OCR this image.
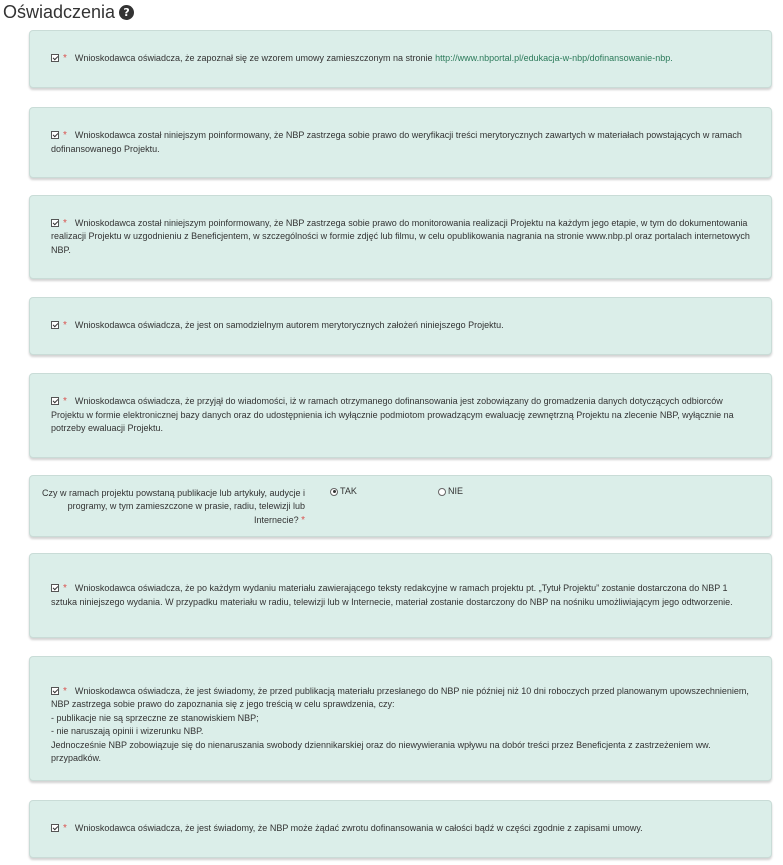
Oświadczenia ?
* Wnioskodawca oświadcza, że zapoznał się ze wzorem umowy zamieszczonym na stronie http://www.nbportal.pl/edukacja-w-nbp/dofinansowanie-nbp.
* Wnioskodawca został niniejszym poinformowany, że NBP zastrzega sobie prawo do weryfikacji treści merytorycznych zawartych w materiałach powstających w ramach dofinansowanego Projektu.
* Wnioskodawca został niniejszym poinformowany, że NBP zastrzega sobie prawo do monitorowania realizacji Projektu na każdym jego etapie, w tym do dokumentowania realizacji Projektu w uzgodnieniu z Beneficjentem, w szczególności w formie zdjęć lub filmu, w celu opublikowania nagrania na stronie www.nbp.pl oraz portalach internetowych NBP.
* Wnioskodawca oświadcza, że jest on samodzielnym autorem merytorycznych założeń niniejszego Projektu.
* Wnioskodawca oświadcza, że przyjął do wiadomości, iż w ramach otrzymanego dofinansowania jest zobowiązany do gromadzenia danych dotyczących odbiorców Projektu w formie elektronicznej bazy danych oraz do udostępnienia ich wyłącznie podmiotom prowadzącym ewaluację zewnętrzną Projektu na zlecenie NBP, wyłącznie na potrzeby ewaluacji Projektu.
Czy w ramach projektu powstaną publikacje lub artykuły, audycje i programy, w tym zamieszczone w prasie, radiu, telewizji lub Internecie? *
TAK	NIE
* Wnioskodawca oświadcza, że po każdym wydaniu materiału zawierającego teksty redakcyjne w ramach projektu pt. „Tytuł Projektu” zostanie dostarczona do NBP 1 sztuka niniejszego wydania. W przypadku materiału w radiu, telewizji lub w Internecie, materiał zostanie dostarczony do NBP na nośniku umożliwiającym jego odtworzenie.

* Wnioskodawca oświadcza, że jest świadomy, że przed publikacją materiału przesłanego do NBP nie później niż 10 dni roboczych przed planowanym upowszechnieniem, NBP zastrzega sobie prawo do zapoznania się z jego treścią w celu sprawdzenia, czy:
- publikacje nie są sprzeczne ze stanowiskiem NBP;
- nie naruszają opinii i wizerunku NBP.
Jednocześnie NBP zobowiązuje się do nienaruszania swobody dziennikarskiej oraz do niewywierania wpływu na dobór treści przez Beneficjenta z zastrzeżeniem ww. przypadków.

* Wnioskodawca oświadcza, że jest świadomy, że NBP może żądać zwrotu dofinansowania w całości bądź w części zgodnie z zapisami umowy.
